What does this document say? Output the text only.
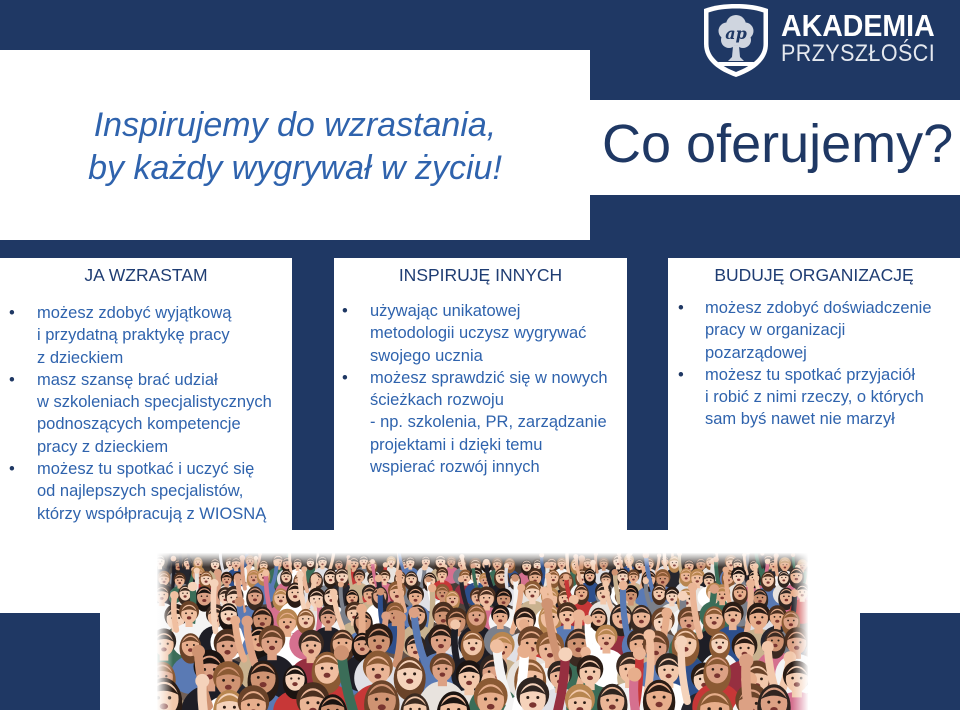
Inspirujemy do wzrastania,
by każdy wygrywał w życiu!	Co oferujemy?
ap AKADEMIA
PRZYSZŁOŚCI
JA WZRASTAM
• możesz zdobyć wyjątkową
i przydatną praktykę pracy
z dzieckiem
• masz szansę brać udział
w szkoleniach specjalistycznych
podnoszących kompetencje
pracy z dzieckiem
• możesz tu spotkać i uczyć się
od najlepszych specjalistów,
którzy współpracują z WIOSNĄ
INSPIRUJĘ INNYCH
• używając unikatowej
metodologii uczysz wygrywać
swojego ucznia
• możesz sprawdzić się w nowych
ścieżkach rozwoju
- np. szkolenia, PR, zarządzanie
projektami i dzięki temu
wspierać rozwój innych
BUDUJĘ ORGANIZACJĘ
• możesz zdobyć doświadczenie
pracy w organizacji
pozarządowej
• możesz tu spotkać przyjaciół
i robić z nimi rzeczy, o których
sam byś nawet nie marzył
